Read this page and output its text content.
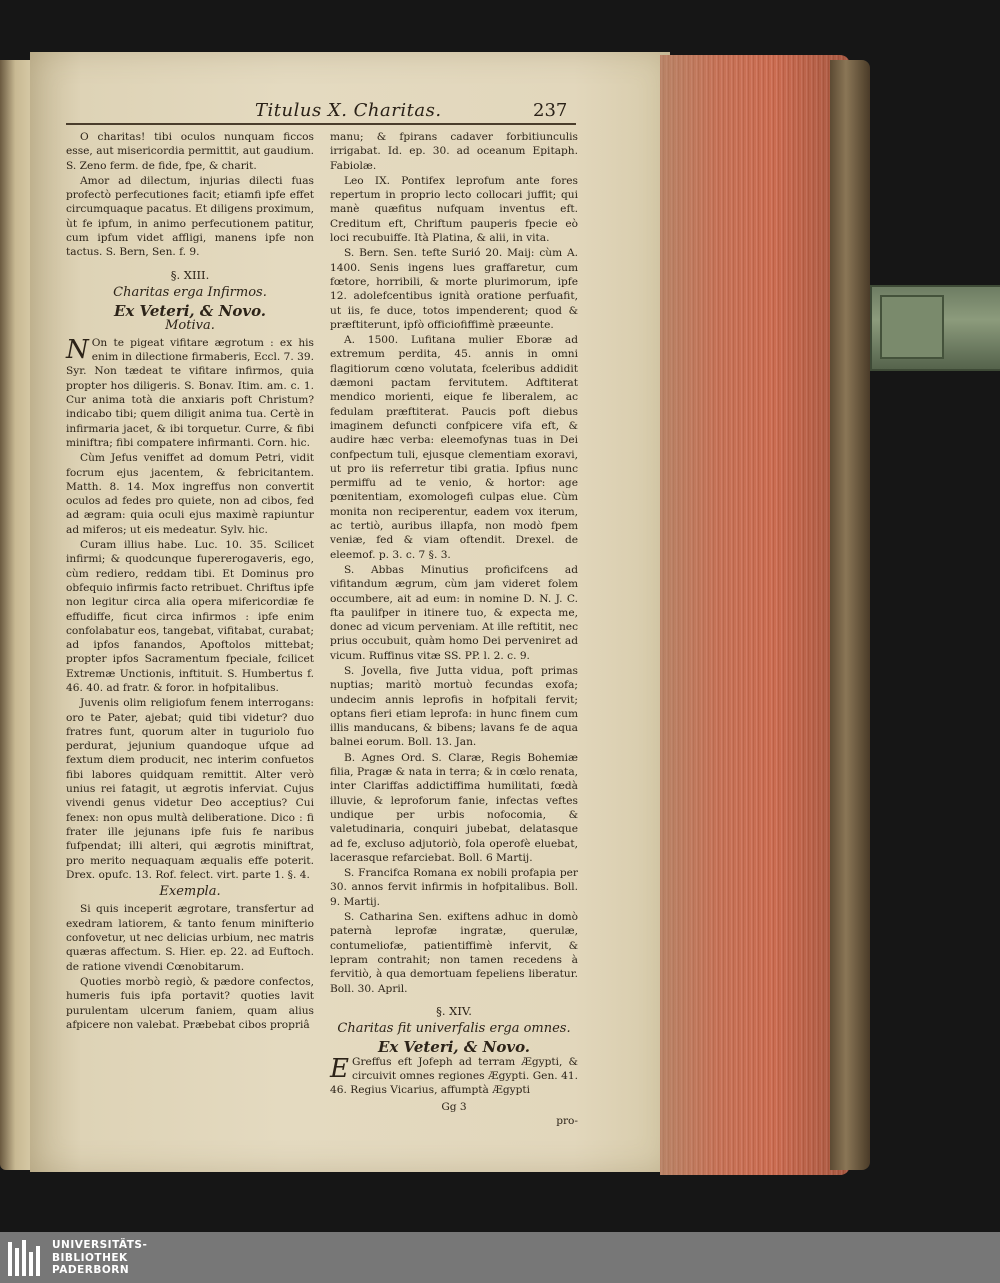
Titulus X. Charitas.	237

O charitas! tibi oculos nunquam ficcos esse, aut misericordia permittit, aut gaudium. S. Zeno ferm. de fide, fpe, & charit.

Amor ad dilectum, injurias dilecti fuas profectò perfecutiones facit; etiamfi ipfe effet circumquaque pacatus. Et diligens proximum, ùt fe ipfum, in animo perfecutionem patitur, cum ipfum videt affligi, manens ipfe non tactus. S. Bern, Sen. f. 9.

§. XIII.
Charitas erga Infirmos.
Ex Veteri, & Novo.
Motiva.

N On te pigeat vifitare ægrotum : ex his enim in dilectione firmaberis, Eccl. 7. 39. Syr. Non tædeat te vifitare infirmos, quia propter hos diligeris. S. Bonav. Itim. am. c. 1. Cur anima totà die anxiaris poft Christum? indicabo tibi; quem diligit anima tua. Certè in infirmaria jacet, & ibi torquetur. Curre, & fibi miniftra; fibi compatere infirmanti. Corn. hic.

Cùm Jefus veniffet ad domum Petri, vidit focrum ejus jacentem, & febricitantem. Matth. 8. 14. Mox ingreffus non convertit oculos ad fedes pro quiete, non ad cibos, fed ad ægram: quia oculi ejus maximè rapiuntur ad miferos; ut eis medeatur. Sylv. hic.

Curam illius habe. Luc. 10. 35. Scilicet infirmi; & quodcunque fupererogaveris, ego, cùm rediero, reddam tibi. Et Dominus pro obfequio infirmis facto retribuet. Chriftus ipfe non legitur circa alia opera mifericordiæ fe effudiffe, ficut circa infirmos : ipfe enim confolabatur eos, tangebat, vifitabat, curabat; ad ipfos fanandos, Apoftolos mittebat; propter ipfos Sacramentum fpeciale, fcilicet Extremæ Unctionis, inftituit. S. Humbertus f. 46. 40. ad fratr. & foror. in hofpitalibus.

Juvenis olim religiofum fenem interrogans: oro te Pater, ajebat; quid tibi videtur? duo fratres funt, quorum alter in tuguriolo fuo perdurat, jejunium quandoque ufque ad fextum diem producit, nec interim confuetos fibi labores quidquam remittit. Alter verò unius rei fatagit, ut ægrotis inferviat. Cujus vivendi genus videtur Deo acceptius? Cui fenex: non opus multà deliberatione. Dico : fi frater ille jejunans ipfe fuis fe naribus fufpendat; illi alteri, qui ægrotis miniftrat, pro merito nequaquam æqualis effe poterit. Drex. opufc. 13. Rof. felect. virt. parte 1. §. 4.

Exempla.

Si quis inceperit ægrotare, transfertur ad exedram latiorem, & tanto fenum minifterio confovetur, ut nec delicias urbium, nec matris quæras affectum. S. Hier. ep. 22. ad Euftoch. de ratione vivendi Cœnobitarum.

Quoties morbò regiò, & pædore confectos, humeris fuis ipfa portavit? quoties lavit purulentam ulcerum faniem, quam alius afpicere non valebat. Præbebat cibos propriâ

manu; & fpirans cadaver forbitiunculis irrigabat. Id. ep. 30. ad oceanum Epitaph. Fabiolæ.

Leo IX. Pontifex leprofum ante fores repertum in proprio lecto collocari juffit; qui manè quæfitus nufquam inventus eft. Creditum eft, Chriftum pauperis fpecie eò loci recubuiffe. Ità Platina, & alii, in vita.

S. Bern. Sen. tefte Surió 20. Maij: cùm A. 1400. Senis ingens lues graffaretur, cum fœtore, horribili, & morte plurimorum, ipfe 12. adolefcentibus ignità oratione perfuafit, ut iis, fe duce, totos impenderent; quod & præftiterunt, ipfò officiofiffimè præeunte.

A. 1500. Lufitana mulier Eboræ ad extremum perdita, 45. annis in omni flagitiorum cœno volutata, fceleribus addidit dæmoni pactam fervitutem. Adftiterat mendico morienti, eique fe liberalem, ac fedulam præftiterat. Paucis poft diebus imaginem defuncti confpicere vifa eft, & audire hæc verba: eleemofynas tuas in Dei confpectum tuli, ejusque clementiam exoravi, ut pro iis referretur tibi gratia. Ipfius nunc permiffu ad te venio, & hortor: age pœnitentiam, exomologefi culpas elue. Cùm monita non reciperentur, eadem vox iterum, ac tertiò, auribus illapfa, non modò fpem veniæ, fed & viam oftendit. Drexel. de eleemof. p. 3. c. 7 §. 3.

S. Abbas Minutius proficifcens ad vifitandum ægrum, cùm jam videret folem occumbere, ait ad eum: in nomine D. N. J. C. fta paulifper in itinere tuo, & expecta me, donec ad vicum perveniam. At ille reftitit, nec prius occubuit, quàm homo Dei perveniret ad vicum. Ruffinus vitæ SS. PP. l. 2. c. 9.

S. Jovella, five Jutta vidua, poft primas nuptias; maritò mortuò fecundas exofa; undecim annis leprofis in hofpitali fervit; optans fieri etiam leprofa: in hunc finem cum illis manducans, & bibens; lavans fe de aqua balnei eorum. Boll. 13. Jan.

B. Agnes Ord. S. Claræ, Regis Bohemiæ filia, Pragæ & nata in terra; & in cœlo renata, inter Clariffas addictiffima humilitati, fœdà illuvie, & leproforum fanie, infectas veftes undique per urbis nofocomia, & valetudinaria, conquiri jubebat, delatasque ad fe, excluso adjutoriò, fola operofè eluebat, lacerasque refarciebat. Boll. 6 Martij.

S. Francifca Romana ex nobili profapia per 30. annos fervit infirmis in hofpitalibus. Boll. 9. Martij.

S. Catharina Sen. exiftens adhuc in domò paternà leprofæ ingratæ, querulæ, contumeliofæ, patientiffimè infervit, & lepram contrahit; non tamen recedens à fervitiò, à qua demortuam fepeliens liberatur. Boll. 30. April.

§. XIV.
Charitas fit univerfalis erga omnes.
Ex Veteri, & Novo.

E Greffus eft Jofeph ad terram Ægypti, & circuivit omnes regiones Ægypti. Gen. 41. 46. Regius Vicarius, affumptà Ægypti

Gg 3
pro-
UNIVERSITÄTS-
BIBLIOTHEK
PADERBORN
